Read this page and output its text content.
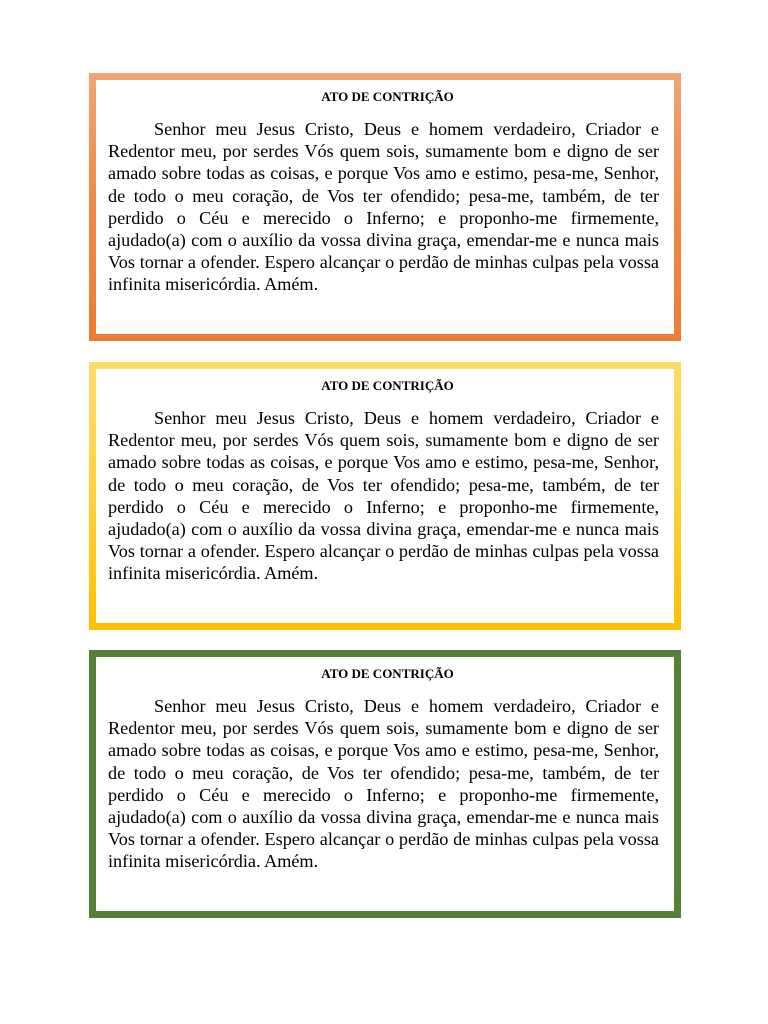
ATO DE CONTRIÇÃO

Senhor meu Jesus Cristo, Deus e homem verdadeiro, Criador e Redentor meu, por serdes Vós quem sois, sumamente bom e digno de ser amado sobre todas as coisas, e porque Vos amo e estimo, pesa-me, Senhor, de todo o meu coração, de Vos ter ofendido; pesa-me, também, de ter perdido o Céu e merecido o Inferno; e proponho-me firmemente, ajudado(a) com o auxílio da vossa divina graça, emendar-me e nunca mais Vos tornar a ofender. Espero alcançar o perdão de minhas culpas pela vossa infinita misericórdia. Amém.

ATO DE CONTRIÇÃO

Senhor meu Jesus Cristo, Deus e homem verdadeiro, Criador e Redentor meu, por serdes Vós quem sois, sumamente bom e digno de ser amado sobre todas as coisas, e porque Vos amo e estimo, pesa-me, Senhor, de todo o meu coração, de Vos ter ofendido; pesa-me, também, de ter perdido o Céu e merecido o Inferno; e proponho-me firmemente, ajudado(a) com o auxílio da vossa divina graça, emendar-me e nunca mais Vos tornar a ofender. Espero alcançar o perdão de minhas culpas pela vossa infinita misericórdia. Amém.

ATO DE CONTRIÇÃO

Senhor meu Jesus Cristo, Deus e homem verdadeiro, Criador e Redentor meu, por serdes Vós quem sois, sumamente bom e digno de ser amado sobre todas as coisas, e porque Vos amo e estimo, pesa-me, Senhor, de todo o meu coração, de Vos ter ofendido; pesa-me, também, de ter perdido o Céu e merecido o Inferno; e proponho-me firmemente, ajudado(a) com o auxílio da vossa divina graça, emendar-me e nunca mais Vos tornar a ofender. Espero alcançar o perdão de minhas culpas pela vossa infinita misericórdia. Amém.
